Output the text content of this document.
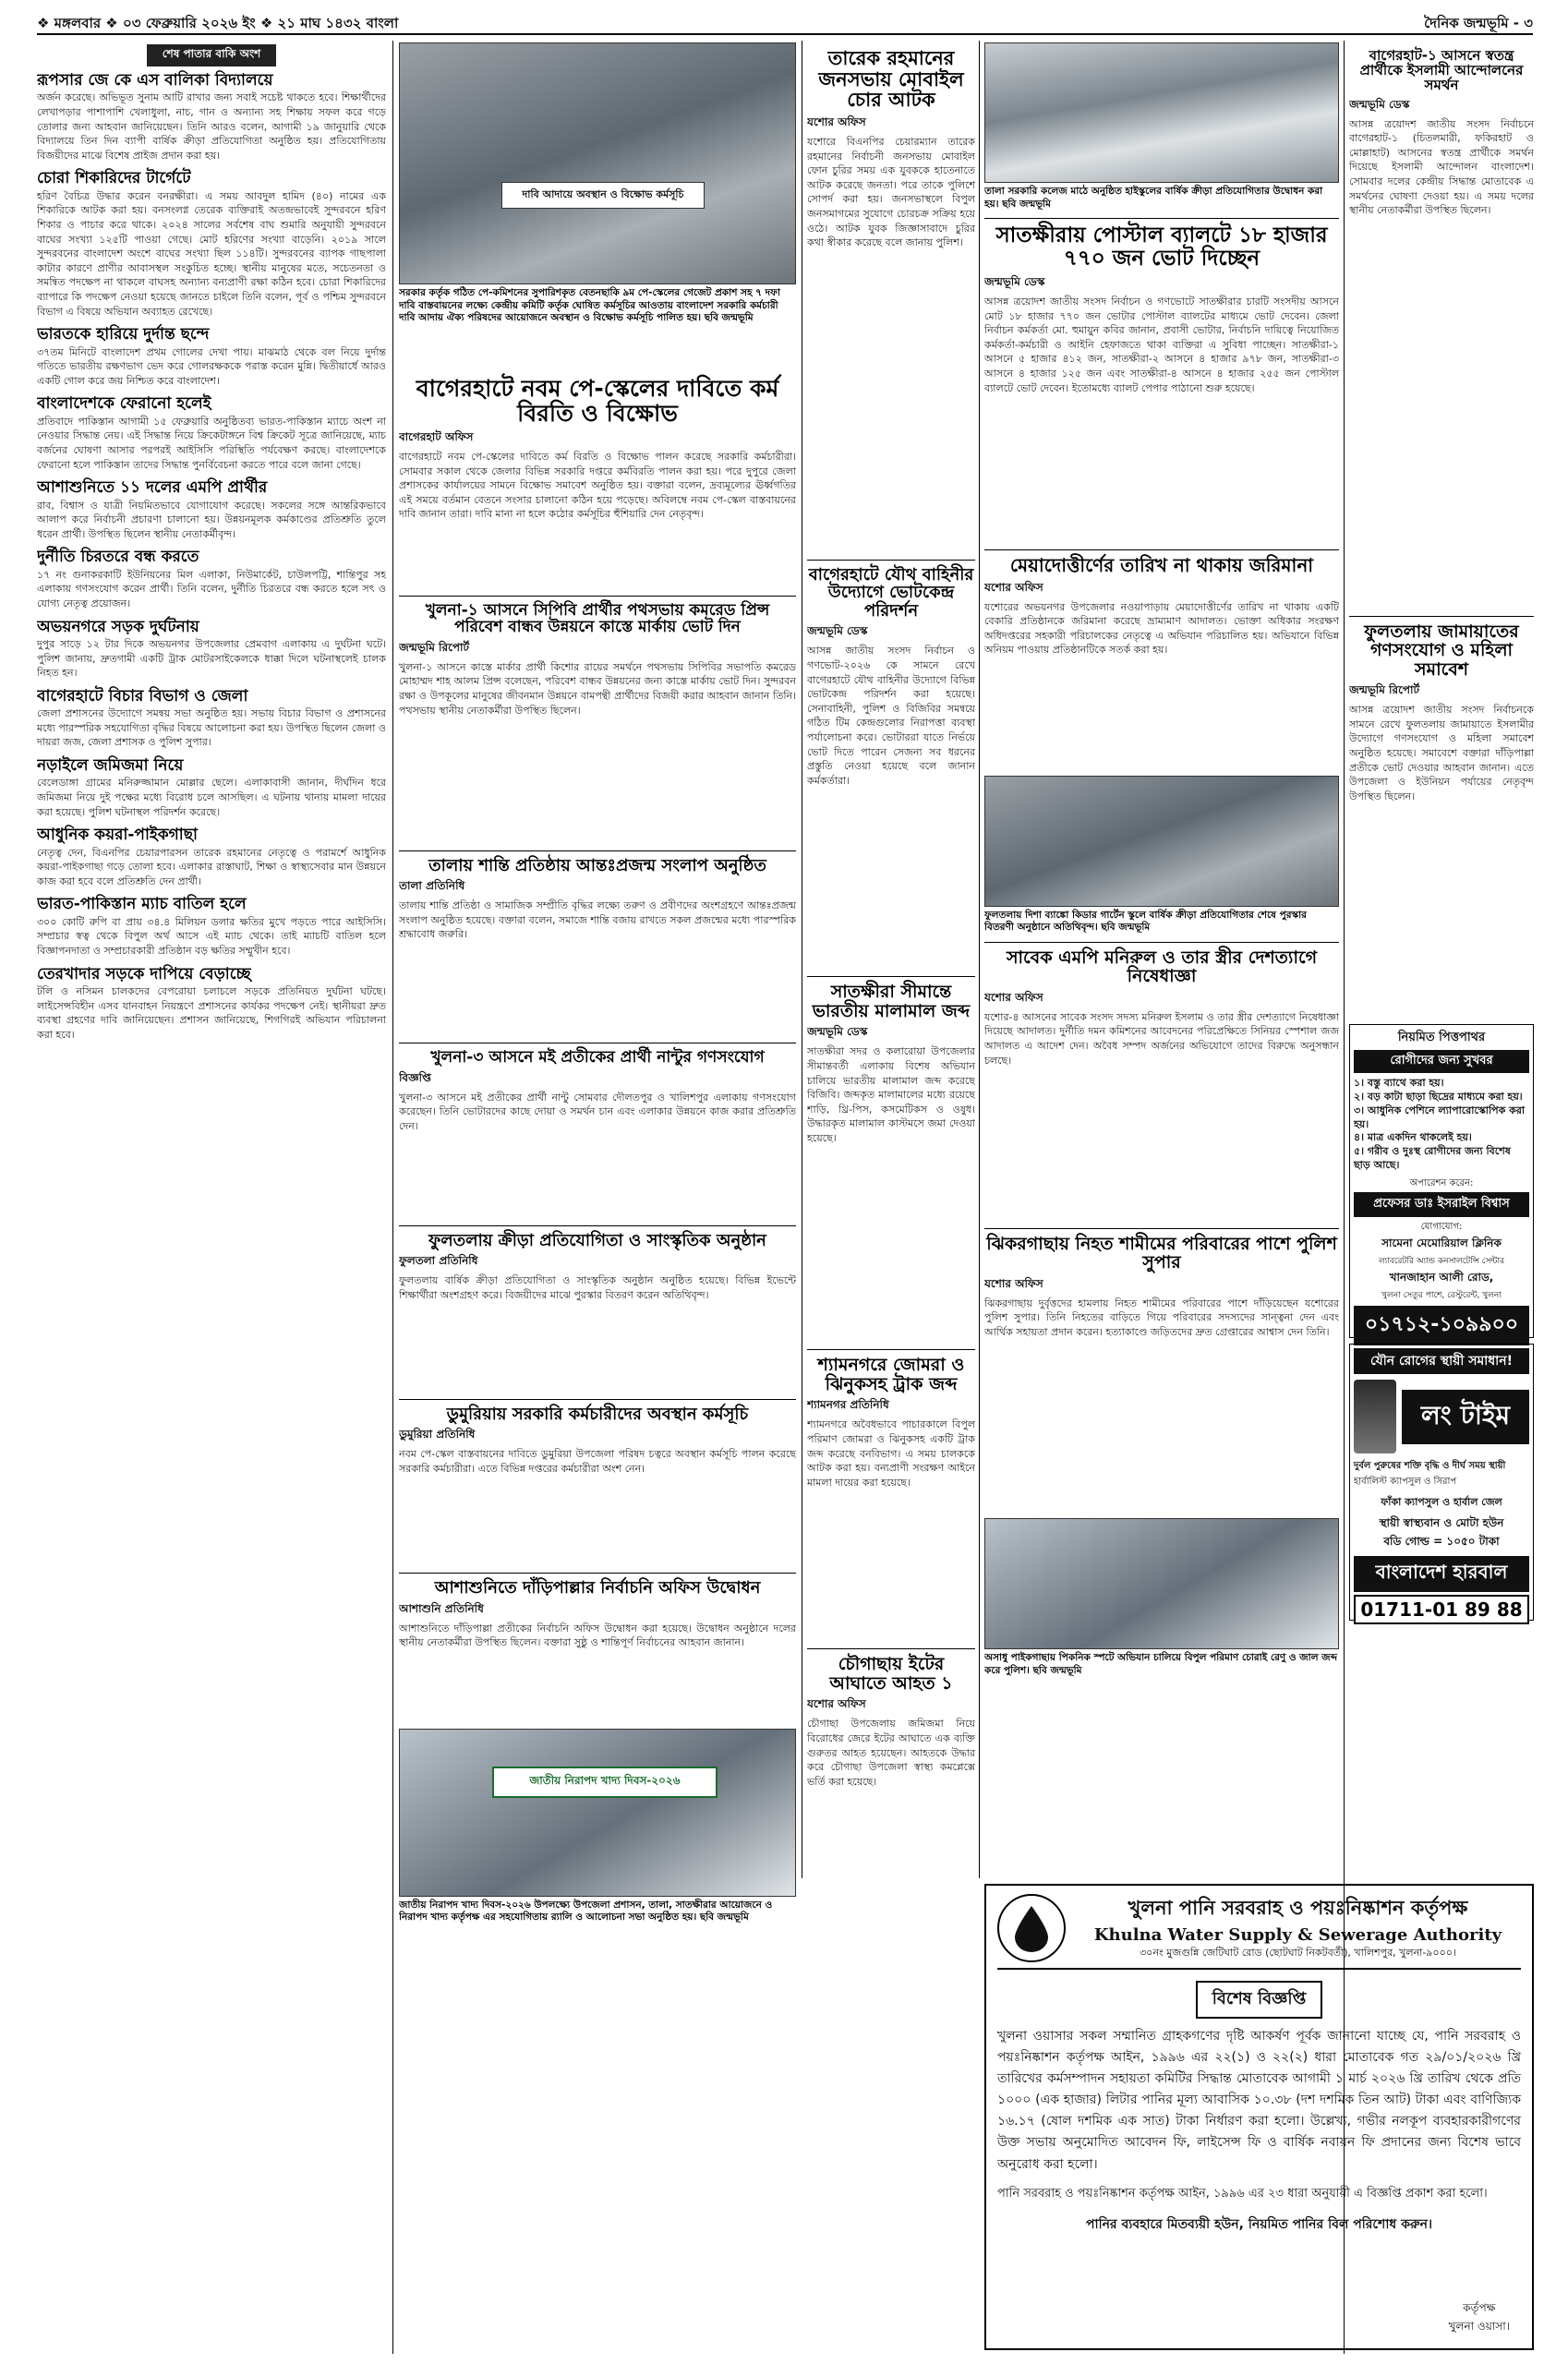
❖ মঙ্গলবার ❖ ০৩ ফেব্রুয়ারি ২০২৬ ইং ❖ ২১ মাঘ ১৪৩২ বাংলা	দৈনিক জন্মভূমি - ৩
শেষ পাতার বাকি অংশ
রূপসার জে কে এস বালিকা বিদ্যালয়ে

অর্জন করেছে। অভিভূত সুনাম আটি রাখার জন্য সবাই সচেষ্ট থাকতে হবে। শিক্ষার্থীদের লেখাপড়ার পাশাপাশি খেলাধুলা, নাচ, গান ও অন্যান্য সহ শিক্ষায় সফল করে গড়ে তোলার জন্য আহবান জানিয়েছেন। তিনি আরও বলেন, আগামী ১৯ জানুয়ারি থেকে বিদ্যালয়ে তিন দিন ব্যাপী বার্ষিক ক্রীড়া প্রতিযোগিতা অনুষ্ঠিত হয়। প্রতিযোগিতায় বিজয়ীদের মাঝে বিশেষ প্রাইজ প্রদান করা হয়।

চোরা শিকারিদের টার্গেটে

হরিণ বৈচিত্ৰ উদ্ধার করেন বনরক্ষীরা। এ সময় আবদুল হামিদ (৪০) নামের এক শিকারিকে আটক করা হয়। বনসংলগ্ন তেরেক ব্যক্তিরাই অতন্দ্রভাবেই সুন্দরবনে হরিণ শিকার ও পাচার করে থাকে। ২০২৪ সালের সর্বশেষ বাঘ শুমারি অনুযায়ী সুন্দরবনে বাঘের সংখ্যা ১২৫টি পাওয়া গেছে। মোট হরিণের সংখ্যা বাড়েনি। ২০১৯ সালে সুন্দরবনের বাংলাদেশ অংশে বাঘের সংখ্যা ছিল ১১৪টি। সুন্দরবনের ব্যাপক গাছপালা কাটার কারণে প্রাণীর আবাসস্থল সংকুচিত হচ্ছে। স্থানীয় মানুষের মতে, সচেতনতা ও সমন্বিত পদক্ষেপ না থাকলে বাঘসহ অন্যান্য বন্যপ্রাণী রক্ষা কঠিন হবে। চোরা শিকারিদের ব্যাপারে কি পদক্ষেপ নেওয়া হয়েছে জানতে চাইলে তিনি বলেন, পূর্ব ও পশ্চিম সুন্দরবনে বিভাগ এ বিষয়ে অভিযান অব্যাহত রেখেছে।

ভারতকে হারিয়ে দুর্দান্ত ছন্দে

৩৭তম মিনিটে বাংলাদেশ প্রথম গোলের দেখা পায়। মাঝমাঠ থেকে বল নিয়ে দুর্দান্ত গতিতে ভারতীয় রক্ষণভাগ ভেদ করে গোলরক্ষককে পরাস্ত করেন মুন্নি। দ্বিতীয়ার্ধে আরও একটি গোল করে জয় নিশ্চিত করে বাংলাদেশ।

বাংলাদেশকে ফেরানো হলেই

প্রতিবাদে পাকিস্তান আগামী ১৫ ফেব্রুয়ারি অনুষ্ঠিতব্য ভারত-পাকিস্তান ম্যাচে অংশ না নেওয়ার সিদ্ধান্ত নেয়। এই সিদ্ধান্ত নিয়ে ক্রিকেটাঙ্গনে বিশ্ব ক্রিকেট সূত্রে জানিয়েছে, ম্যাচ বর্জনের ঘোষণা আসার পরপরই আইসিসি পরিস্থিতি পর্যবেক্ষণ করছে। বাংলাদেশকে ফেরানো হলে পাকিস্তান তাদের সিদ্ধান্ত পুনর্বিবেচনা করতে পারে বলে জানা গেছে।

আশাশুনিতে ১১ দলের এমপি প্রার্থীর

রাব, বিশ্বাস ও যাত্রী নিয়মিতভাবে যোগাযোগ করেছে। সকলের সঙ্গে আন্তরিকভাবে আলাপ করে নির্বাচনী প্রচারণা চালানো হয়। উন্নয়নমূলক কর্মকাণ্ডের প্রতিশ্রুতি তুলে ধরেন প্রার্থী। উপস্থিত ছিলেন স্থানীয় নেতাকর্মীবৃন্দ।

দুর্নীতি চিরতরে বন্ধ করতে

১৭ নং গুনাকরকাটি ইউনিয়নের মিল এলাকা, নিউমার্কেট, চাউলপট্টি, শান্তিপুর সহ এলাকায় গণসংযোগ করেন প্রার্থী। তিনি বলেন, দুর্নীতি চিরতরে বন্ধ করতে হলে সৎ ও যোগ্য নেতৃত্ব প্রয়োজন।

অভয়নগরে সড়ক দুর্ঘটনায়

দুপুর সাড়ে ১২ টার দিকে অভয়নগর উপজেলার প্রেমবাগ এলাকায় এ দুর্ঘটনা ঘটে। পুলিশ জানায়, দ্রুতগামী একটি ট্রাক মোটরসাইকেলকে ধাক্কা দিলে ঘটনাস্থলেই চালক নিহত হন।

বাগেরহাটে বিচার বিভাগ ও জেলা

জেলা প্রশাসনের উদ্যোগে সমন্বয় সভা অনুষ্ঠিত হয়। সভায় বিচার বিভাগ ও প্রশাসনের মধ্যে পারস্পরিক সহযোগিতা বৃদ্ধির বিষয়ে আলোচনা করা হয়। উপস্থিত ছিলেন জেলা ও দায়রা জজ, জেলা প্রশাসক ও পুলিশ সুপার।

নড়াইলে জমিজমা নিয়ে

বেলেডাঙ্গা গ্রামের মনিরুজ্জামান মোল্লার ছেলে। এলাকাবাসী জানান, দীর্ঘদিন ধরে জমিজমা নিয়ে দুই পক্ষের মধ্যে বিরোধ চলে আসছিল। এ ঘটনায় থানায় মামলা দায়ের করা হয়েছে। পুলিশ ঘটনাস্থল পরিদর্শন করেছে।

আধুনিক কয়রা-পাইকগাছা

নেতৃত্ব দেন, বিএনপির চেয়ারপারসন তারেক রহমানের নেতৃত্বে ও পরামর্শে আধুনিক কয়রা-পাইকগাছা গড়ে তোলা হবে। এলাকার রাস্তাঘাট, শিক্ষা ও স্বাস্থ্যসেবার মান উন্নয়নে কাজ করা হবে বলে প্রতিশ্রুতি দেন প্রার্থী।

ভারত-পাকিস্তান ম্যাচ বাতিল হলে

৩০০ কোটি রুপি বা প্রায় ৩৪.৪ মিলিয়ন ডলার ক্ষতির মুখে পড়তে পারে আইসিসি। সম্প্রচার স্বত্ব থেকে বিপুল অর্থ আসে এই ম্যাচ থেকে। তাই ম্যাচটি বাতিল হলে বিজ্ঞাপনদাতা ও সম্প্রচারকারী প্রতিষ্ঠান বড় ক্ষতির সম্মুখীন হবে।

তেরখাদার সড়কে দাপিয়ে বেড়াচ্ছে

টলি ও নসিমন চালকদের বেপরোয়া চলাচলে সড়কে প্রতিনিয়ত দুর্ঘটনা ঘটছে। লাইসেন্সবিহীন এসব যানবাহন নিয়ন্ত্রণে প্রশাসনের কার্যকর পদক্ষেপ নেই। স্থানীয়রা দ্রুত ব্যবস্থা গ্রহণের দাবি জানিয়েছেন। প্রশাসন জানিয়েছে, শিগগিরই অভিযান পরিচালনা করা হবে।

দাবি আদায়ে অবস্থান ও বিক্ষোভ কর্মসূচি
সরকার কর্তৃক গঠিত পে-কমিশনের সুপারিশকৃত বেতনছাকি ৯ম পে-স্কেলের গেজেট প্রকাশ সহ ৭ দফা দাবি বাস্তবায়নের লক্ষ্যে কেন্দ্রীয় কমিটি কর্তৃক ঘোষিত কর্মসূচির আওতায় বাংলাদেশ সরকারি কর্মচারী দাবি আদায় ঐক্য পরিষদের আয়োজনে অবস্থান ও বিক্ষোভ কর্মসূচি পালিত হয়। ছবি জন্মভূমি
বাগেরহাটে নবম পে-স্কেলের দাবিতে কর্ম বিরতি ও বিক্ষোভ
বাগেরহাট অফিস

বাগেরহাটে নবম পে-স্কেলের দাবিতে কর্ম বিরতি ও বিক্ষোভ পালন করেছে সরকারি কর্মচারীরা। সোমবার সকাল থেকে জেলার বিভিন্ন সরকারি দপ্তরে কর্মবিরতি পালন করা হয়। পরে দুপুরে জেলা প্রশাসকের কার্যালয়ের সামনে বিক্ষোভ সমাবেশ অনুষ্ঠিত হয়। বক্তারা বলেন, দ্রব্যমূল্যের ঊর্ধ্বগতির এই সময়ে বর্তমান বেতনে সংসার চালানো কঠিন হয়ে পড়েছে। অবিলম্বে নবম পে-স্কেল বাস্তবায়নের দাবি জানান তারা। দাবি মানা না হলে কঠোর কর্মসূচির হুঁশিয়ারি দেন নেতৃবৃন্দ।

খুলনা-১ আসনে সিপিবি প্রার্থীর পথসভায় কমরেড প্রিন্স পরিবেশ বান্ধব উন্নয়নে কাস্তে মার্কায় ভোট দিন
জন্মভূমি রিপোর্ট

খুলনা-১ আসনে কাস্তে মার্কার প্রার্থী কিশোর রায়ের সমর্থনে পথসভায় সিপিবির সভাপতি কমরেড মোহাম্মদ শাহ আলম প্রিন্স বলেছেন, পরিবেশ বান্ধব উন্নয়নের জন্য কাস্তে মার্কায় ভোট দিন। সুন্দরবন রক্ষা ও উপকূলের মানুষের জীবনমান উন্নয়নে বামপন্থী প্রার্থীদের বিজয়ী করার আহবান জানান তিনি। পথসভায় স্থানীয় নেতাকর্মীরা উপস্থিত ছিলেন।

তালায় শান্তি প্রতিষ্ঠায় আন্তঃপ্রজন্ম সংলাপ অনুষ্ঠিত
তালা প্রতিনিধি

তালায় শান্তি প্রতিষ্ঠা ও সামাজিক সম্প্রীতি বৃদ্ধির লক্ষ্যে তরুণ ও প্রবীণদের অংশগ্রহণে আন্তঃপ্রজন্ম সংলাপ অনুষ্ঠিত হয়েছে। বক্তারা বলেন, সমাজে শান্তি বজায় রাখতে সকল প্রজন্মের মধ্যে পারস্পরিক শ্রদ্ধাবোধ জরুরি।

খুলনা-৩ আসনে মই প্রতীকের প্রার্থী নান্টুর গণসংযোগ
বিজ্ঞপ্তি

খুলনা-৩ আসনে মই প্রতীকের প্রার্থী নান্টু সোমবার দৌলতপুর ও খালিশপুর এলাকায় গণসংযোগ করেছেন। তিনি ভোটারদের কাছে দোয়া ও সমর্থন চান এবং এলাকার উন্নয়নে কাজ করার প্রতিশ্রুতি দেন।

ফুলতলায় ক্রীড়া প্রতিযোগিতা ও সাংস্কৃতিক অনুষ্ঠান
ফুলতলা প্রতিনিধি

ফুলতলায় বার্ষিক ক্রীড়া প্রতিযোগিতা ও সাংস্কৃতিক অনুষ্ঠান অনুষ্ঠিত হয়েছে। বিভিন্ন ইভেন্টে শিক্ষার্থীরা অংশগ্রহণ করে। বিজয়ীদের মাঝে পুরস্কার বিতরণ করেন অতিথিবৃন্দ।

ডুমুরিয়ায় সরকারি কর্মচারীদের অবস্থান কর্মসূচি
ডুমুরিয়া প্রতিনিধি

নবম পে-স্কেল বাস্তবায়নের দাবিতে ডুমুরিয়া উপজেলা পরিষদ চত্বরে অবস্থান কর্মসূচি পালন করেছে সরকারি কর্মচারীরা। এতে বিভিন্ন দপ্তরের কর্মচারীরা অংশ নেন।

আশাশুনিতে দাঁড়িপাল্লার নির্বাচনি অফিস উদ্বোধন
আশাশুনি প্রতিনিধি

আশাশুনিতে দাঁড়িপাল্লা প্রতীকের নির্বাচনি অফিস উদ্বোধন করা হয়েছে। উদ্বোধন অনুষ্ঠানে দলের স্থানীয় নেতাকর্মীরা উপস্থিত ছিলেন। বক্তারা সুষ্ঠু ও শান্তিপূর্ণ নির্বাচনের আহবান জানান।

জাতীয় নিরাপদ খাদ্য দিবস-২০২৬
জাতীয় নিরাপদ খাদ্য দিবস-২০২৬ উপলক্ষ্যে উপজেলা প্রশাসন, তালা, সাতক্ষীরার আয়োজনে ও নিরাপদ খাদ্য কর্তৃপক্ষ এর সহযোগিতায় র‍্যালি ও আলোচনা সভা অনুষ্ঠিত হয়। ছবি জন্মভূমি
তারেক রহমানের জনসভায় মোবাইল চোর আটক
যশোর অফিস

যশোরে বিএনপির চেয়ারম্যান তারেক রহমানের নির্বাচনী জনসভায় মোবাইল ফোন চুরির সময় এক যুবককে হাতেনাতে আটক করেছে জনতা। পরে তাকে পুলিশে সোপর্দ করা হয়। জনসভাস্থলে বিপুল জনসমাগমের সুযোগে চোরচক্র সক্রিয় হয়ে ওঠে। আটক যুবক জিজ্ঞাসাবাদে চুরির কথা স্বীকার করেছে বলে জানায় পুলিশ।

বাগেরহাটে যৌথ বাহিনীর উদ্যোগে ভোটকেন্দ্র পরিদর্শন
জন্মভূমি ডেস্ক

আসন্ন জাতীয় সংসদ নির্বাচন ও গণভোট-২০২৬ কে সামনে রেখে বাগেরহাটে যৌথ বাহিনীর উদ্যোগে বিভিন্ন ভোটকেন্দ্র পরিদর্শন করা হয়েছে। সেনাবাহিনী, পুলিশ ও বিজিবির সমন্বয়ে গঠিত টিম কেন্দ্রগুলোর নিরাপত্তা ব্যবস্থা পর্যালোচনা করে। ভোটাররা যাতে নির্ভয়ে ভোট দিতে পারেন সেজন্য সব ধরনের প্রস্তুতি নেওয়া হয়েছে বলে জানান কর্মকর্তারা।

সাতক্ষীরা সীমান্তে ভারতীয় মালামাল জব্দ
জন্মভূমি ডেস্ক

সাতক্ষীরা সদর ও কলারোয়া উপজেলার সীমান্তবর্তী এলাকায় বিশেষ অভিযান চালিয়ে ভারতীয় মালামাল জব্দ করেছে বিজিবি। জব্দকৃত মালামালের মধ্যে রয়েছে শাড়ি, থ্রি-পিস, কসমেটিকস ও ওষুধ। উদ্ধারকৃত মালামাল কাস্টমসে জমা দেওয়া হয়েছে।

শ্যামনগরে জোমরা ও ঝিনুকসহ ট্রাক জব্দ
শ্যামনগর প্রতিনিধি

শ্যামনগরে অবৈধভাবে পাচারকালে বিপুল পরিমাণ জোমরা ও ঝিনুকসহ একটি ট্রাক জব্দ করেছে বনবিভাগ। এ সময় চালককে আটক করা হয়। বন্যপ্রাণী সংরক্ষণ আইনে মামলা দায়ের করা হয়েছে।

চৌগাছায় ইটের আঘাতে আহত ১
যশোর অফিস

চৌগাছা উপজেলায় জমিজমা নিয়ে বিরোধের জেরে ইটের আঘাতে এক ব্যক্তি গুরুতর আহত হয়েছেন। আহতকে উদ্ধার করে চৌগাছা উপজেলা স্বাস্থ্য কমপ্লেক্সে ভর্তি করা হয়েছে।

তালা সরকারি কলেজ মাঠে অনুষ্ঠিত হাইস্কুলের বার্ষিক ক্রীড়া প্রতিযোগিতার উদ্বোধন করা হয়। ছবি জন্মভূমি
সাতক্ষীরায় পোস্টাল ব্যালটে ১৮ হাজার ৭৭০ জন ভোট দিচ্ছেন
জন্মভূমি ডেস্ক

আসন্ন ত্রয়োদশ জাতীয় সংসদ নির্বাচন ও গণভোটে সাতক্ষীরার চারটি সংসদীয় আসনে মোট ১৮ হাজার ৭৭০ জন ভোটার পোস্টাল ব্যালটের মাধ্যমে ভোট দেবেন। জেলা নির্বাচন কর্মকর্তা মো. হুমায়ুন কবির জানান, প্রবাসী ভোটার, নির্বাচনি দায়িত্বে নিয়োজিত কর্মকর্তা-কর্মচারী ও আইনি হেফাজতে থাকা ব্যক্তিরা এ সুবিধা পাচ্ছেন। সাতক্ষীরা-১ আসনে ৫ হাজার ৪১২ জন, সাতক্ষীরা-২ আসনে ৪ হাজার ৯৭৮ জন, সাতক্ষীরা-৩ আসনে ৪ হাজার ১২৫ জন এবং সাতক্ষীরা-৪ আসনে ৪ হাজার ২৫৫ জন পোস্টাল ব্যালটে ভোট দেবেন। ইতোমধ্যে ব্যালট পেপার পাঠানো শুরু হয়েছে।

মেয়াদোত্তীর্ণের তারিখ না থাকায় জরিমানা
যশোর অফিস

যশোরের অভয়নগর উপজেলার নওয়াপাড়ায় মেয়াদোত্তীর্ণের তারিখ না থাকায় একটি বেকারি প্রতিষ্ঠানকে জরিমানা করেছে ভ্রাম্যমাণ আদালত। ভোক্তা অধিকার সংরক্ষণ অধিদপ্তরের সহকারী পরিচালকের নেতৃত্বে এ অভিযান পরিচালিত হয়। অভিযানে বিভিন্ন অনিয়ম পাওয়ায় প্রতিষ্ঠানটিকে সতর্ক করা হয়।

ফুলতলায় দিশা ব্যাঙ্কো কিডার গার্টেন স্কুলে বার্ষিক ক্রীড়া প্রতিযোগিতার শেষে পুরস্কার বিতরণী অনুষ্ঠানে অতিথিবৃন্দ। ছবি জন্মভূমি
সাবেক এমপি মনিরুল ও তার স্ত্রীর দেশত্যাগে নিষেধাজ্ঞা
যশোর অফিস

যশোর-৪ আসনের সাবেক সংসদ সদস্য মনিরুল ইসলাম ও তার স্ত্রীর দেশত্যাগে নিষেধাজ্ঞা দিয়েছে আদালত। দুর্নীতি দমন কমিশনের আবেদনের পরিপ্রেক্ষিতে সিনিয়র স্পেশাল জজ আদালত এ আদেশ দেন। অবৈধ সম্পদ অর্জনের অভিযোগে তাদের বিরুদ্ধে অনুসন্ধান চলছে।

ঝিকরগাছায় নিহত শামীমের পরিবারের পাশে পুলিশ সুপার
যশোর অফিস

ঝিকরগাছায় দুর্বৃত্তদের হামলায় নিহত শামীমের পরিবারের পাশে দাঁড়িয়েছেন যশোরের পুলিশ সুপার। তিনি নিহতের বাড়িতে গিয়ে পরিবারের সদস্যদের সান্ত্বনা দেন এবং আর্থিক সহায়তা প্রদান করেন। হত্যাকাণ্ডে জড়িতদের দ্রুত গ্রেপ্তারের আশ্বাস দেন তিনি।

অসাধু পাইকগাছায় পিকনিক স্পটে অভিযান চালিয়ে বিপুল পরিমাণ চোরাই রেণু ও জাল জব্দ করে পুলিশ। ছবি জন্মভূমি
বাগেরহাট-১ আসনে স্বতন্ত্র প্রার্থীকে ইসলামী আন্দোলনের সমর্থন
জন্মভূমি ডেস্ক

আসন্ন ত্রয়োদশ জাতীয় সংসদ নির্বাচনে বাগেরহাট-১ (চিতলমারী, ফকিরহাট ও মোল্লাহাট) আসনের স্বতন্ত্র প্রার্থীকে সমর্থন দিয়েছে ইসলামী আন্দোলন বাংলাদেশ। সোমবার দলের কেন্দ্রীয় সিদ্ধান্ত মোতাবেক এ সমর্থনের ঘোষণা দেওয়া হয়। এ সময় দলের স্থানীয় নেতাকর্মীরা উপস্থিত ছিলেন।

ফুলতলায় জামায়াতের গণসংযোগ ও মহিলা সমাবেশ
জন্মভূমি রিপোর্ট

আসন্ন ত্রয়োদশ জাতীয় সংসদ নির্বাচনকে সামনে রেখে ফুলতলায় জামায়াতে ইসলামীর উদ্যোগে গণসংযোগ ও মহিলা সমাবেশ অনুষ্ঠিত হয়েছে। সমাবেশে বক্তারা দাঁড়িপাল্লা প্রতীকে ভোট দেওয়ার আহবান জানান। এতে উপজেলা ও ইউনিয়ন পর্যায়ের নেতৃবৃন্দ উপস্থিত ছিলেন।

নিয়মিত পিত্তপাথর
রোগীদের জন্য সুখবর
১। বস্তু ব্যাথে করা হয়।
২। বড় কাটা ছাড়া ছিদ্রের মাধ্যমে করা হয়।
৩। আধুনিক পেশিনে ল্যাপারোস্কোপিক করা হয়।
৪। মাত্র একদিন থাকলেই হয়।
৫। গরীব ও দুঃস্থ রোগীদের জন্য বিশেষ ছাড় আছে।
অপারেশন করেন:
প্রফেসর ডাঃ ইসরাইল বিশ্বাস
যোগাযোগ:
সামেনা মেমোরিয়াল ক্লিনিক
ল্যাবরেটরি অ্যান্ড কনসালটেন্সি সেন্টার
খানজাহান আলী রোড,
খুলনা সেতুর পাশে, রেস্টুরেন্ট, খুলনা
০১৭১২-১০৯৯০০
যৌন রোগের স্থায়ী সমাধান!
লং টাইম
দুর্বল পুরুষের শক্তি বৃদ্ধি ও দীর্ঘ সময় স্থায়ী
হার্বালিস্ট ক্যাপসুল ও সিরাপ
ফাঁকা ক্যাপসুল ও হার্বাল জেল
স্থায়ী স্বাস্থ্যবান ও মোটা হউন
বডি গোল্ড = ১০৫০ টাকা
বাংলাদেশ হারবাল
01711-01 89 88
খুলনা পানি সরবরাহ ও পয়ঃনিষ্কাশন কর্তৃপক্ষ
Khulna Water Supply & Sewerage Authority
৩০নং মুজগুন্নি জেটিঘাট রোড (ছোটঘাট নিকটবর্তী), খালিশপুর, খুলনা-৯০০০।
বিশেষ বিজ্ঞপ্তি

খুলনা ওয়াসার সকল সম্মানিত গ্রাহকগণের দৃষ্টি আকর্ষণ পূর্বক জানানো যাচ্ছে যে, পানি সরবরাহ ও পয়ঃনিষ্কাশন কর্তৃপক্ষ আইন, ১৯৯৬ এর ২২(১) ও ২২(২) ধারা মোতাবেক গত ২৯/০১/২০২৬ খ্রি তারিখের কর্মসম্পাদন সহায়তা কমিটির সিদ্ধান্ত মোতাবেক আগামী ১ মার্চ ২০২৬ খ্রি তারিখ থেকে প্রতি ১০০০ (এক হাজার) লিটার পানির মূল্য আবাসিক ১০.৩৮ (দশ দশমিক তিন আট) টাকা এবং বাণিজ্যিক ১৬.১৭ (ষোল দশমিক এক সাত) টাকা নির্ধারণ করা হলো। উল্লেখ্য, গভীর নলকূপ ব্যবহারকারীগণের উক্ত সভায় অনুমোদিত আবেদন ফি, লাইসেন্স ফি ও বার্ষিক নবায়ন ফি প্রদানের জন্য বিশেষ ভাবে অনুরোধ করা হলো।

পানি সরবরাহ ও পয়ঃনিষ্কাশন কর্তৃপক্ষ আইন, ১৯৯৬ এর ২৩ ধারা অনুযায়ী এ বিজ্ঞপ্তি প্রকাশ করা হলো।

পানির ব্যবহারে মিতব্যয়ী হউন, নিয়মিত পানির বিল পরিশোধ করুন।

কর্তৃপক্ষ
খুলনা ওয়াসা।
